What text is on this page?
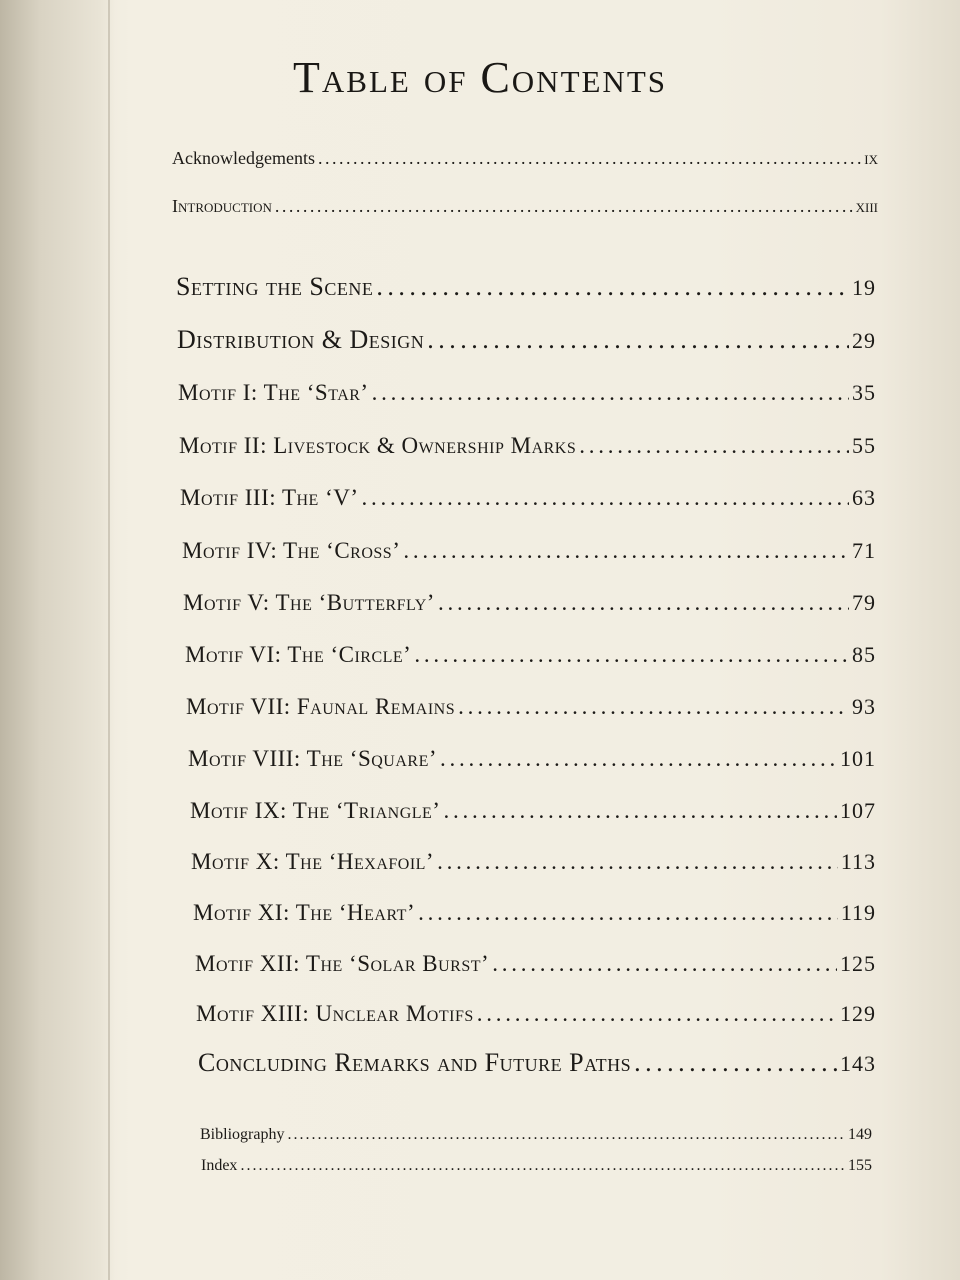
Table of Contents
Acknowledgements . . .	ix
Introduction . . .	xiii
Setting the Scene . . .	19
Distribution & Design . . .	29
Motif I: The ‘Star’ . . .	35
Motif II: Livestock & Ownership Marks . . .	55
Motif III: The ‘V’ . . .	63
Motif IV: The ‘Cross’ . . .	71
Motif V: The ‘Butterfly’ . . .	79
Motif VI: The ‘Circle’ . . .	85
Motif VII: Faunal Remains . . .	93
Motif VIII: The ‘Square’ . . .	101
Motif IX: The ‘Triangle’ . . .	107
Motif X: The ‘Hexafoil’ . . .	113
Motif XI: The ‘Heart’ . . .	119
Motif XII: The ‘Solar Burst’ . . .	125
Motif XIII: Unclear Motifs . . .	129
Concluding Remarks and Future Paths . . .	143
Bibliography . . .	149
Index . . .	155
